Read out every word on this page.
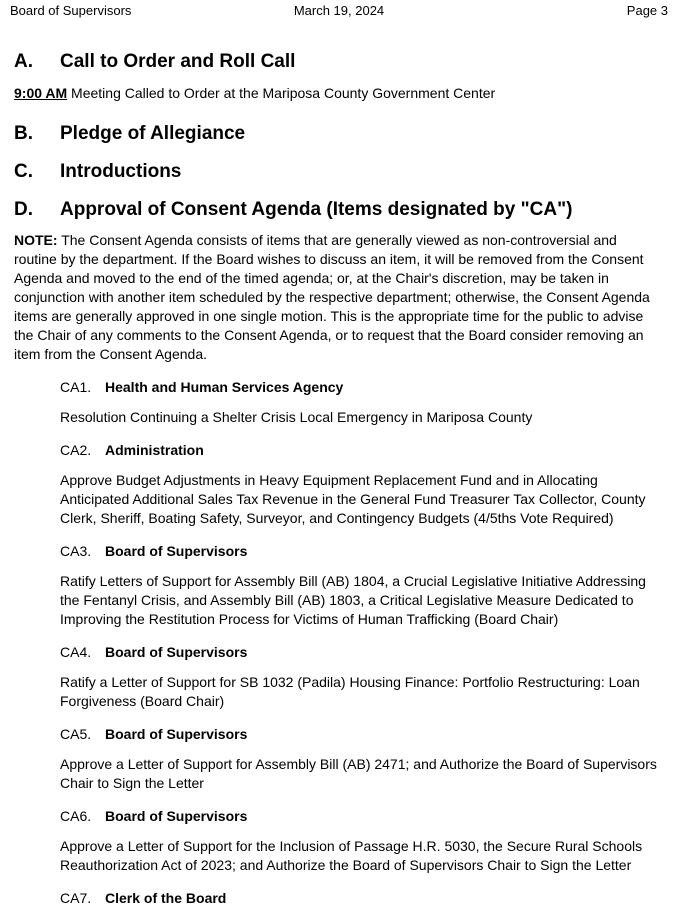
Board of Supervisors	March 19, 2024	Page 3
A.	Call to Order and Roll Call

9:00 AM Meeting Called to Order at the Mariposa County Government Center

B.	Pledge of Allegiance
C.	Introductions
D.	Approval of Consent Agenda (Items designated by "CA")

NOTE: The Consent Agenda consists of items that are generally viewed as non-controversial and routine by the department. If the Board wishes to discuss an item, it will be removed from the Consent Agenda and moved to the end of the timed agenda; or, at the Chair's discretion, may be taken in conjunction with another item scheduled by the respective department; otherwise, the Consent Agenda items are generally approved in one single motion. This is the appropriate time for the public to advise the Chair of any comments to the Consent Agenda, or to request that the Board consider removing an item from the Consent Agenda.

CA1. Health and Human Services Agency

Resolution Continuing a Shelter Crisis Local Emergency in Mariposa County

CA2. Administration

Approve Budget Adjustments in Heavy Equipment Replacement Fund and in Allocating Anticipated Additional Sales Tax Revenue in the General Fund Treasurer Tax Collector, County Clerk, Sheriff, Boating Safety, Surveyor, and Contingency Budgets (4/5ths Vote Required)

CA3. Board of Supervisors

Ratify Letters of Support for Assembly Bill (AB) 1804, a Crucial Legislative Initiative Addressing the Fentanyl Crisis, and Assembly Bill (AB) 1803, a Critical Legislative Measure Dedicated to Improving the Restitution Process for Victims of Human Trafficking (Board Chair)

CA4. Board of Supervisors

Ratify a Letter of Support for SB 1032 (Padila) Housing Finance: Portfolio Restructuring: Loan Forgiveness (Board Chair)

CA5. Board of Supervisors

Approve a Letter of Support for Assembly Bill (AB) 2471; and Authorize the Board of Supervisors Chair to Sign the Letter

CA6. Board of Supervisors

Approve a Letter of Support for the Inclusion of Passage H.R. 5030, the Secure Rural Schools Reauthorization Act of 2023; and Authorize the Board of Supervisors Chair to Sign the Letter

CA7. Clerk of the Board
